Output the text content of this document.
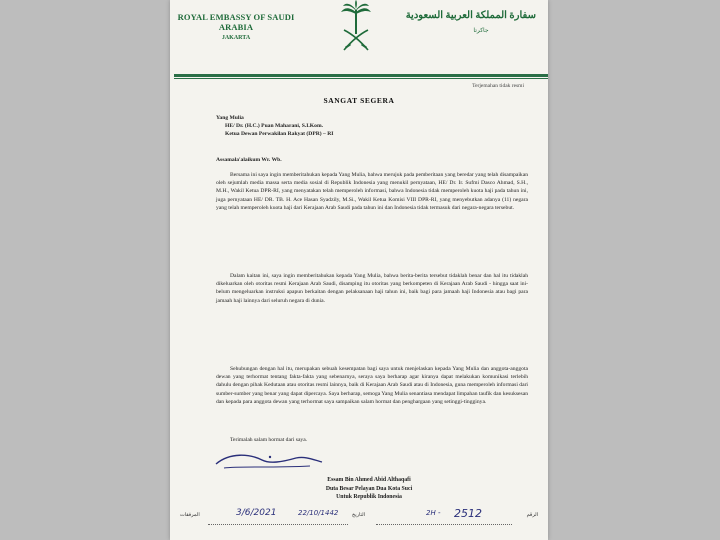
ROYAL EMBASSY OF SAUDI ARABIA
JAKARTA
سفارة المملكة العربية السعودية
جاكرتا
Terjemahan tidak resmi
SANGAT SEGERA
Yang Mulia
HE/ Dr. (H.C.) Puan Maharani, S.I.Kom.
Ketua Dewan Perwakilan Rakyat (DPR) – RI
Assamala'alaikum Wr. Wb.
Bersama ini saya ingin memberitahukan kepada Yang Mulia, bahwa merujuk pada pemberitaan yang beredar yang telah disampaikan oleh sejumlah media massa serta media sosial di Republik Indonesia yang menukil pernyataan, HE/ Dr. Ir. Sufmi Dasco Ahmad, S.H., M.H., Wakil Ketua DPR-RI, yang menyatakan telah memperoleh informasi, bahwa Indonesia tidak memperoleh kuota haji pada tahun ini, juga pernyataan HE/ DR. TB. H. Ace Hasan Syadzily, M.Si., Wakil Ketua Komisi VIII DPR-RI, yang menyebutkan adanya (11) negara yang telah memperoleh kuota haji dari Kerajaan Arab Saudi pada tahun ini dan Indonesia tidak termasuk dari negara-negara tersebut.
Dalam kaitan ini, saya ingin memberitahukan kepada Yang Mulia, bahwa berita-berita tersebut tidaklah benar dan hal itu tidaklah dikeluarkan oleh otoritas resmi Kerajaan Arab Saudi, disamping itu otoritas yang berkompeten di Kerajaan Arab Saudi - hingga saat ini- belum mengeluarkan instruksi apapun berkaitan dengan pelaksanaan haji tahun ini, baik bagi para jamaah haji Indonesia atau bagi para jamaah haji lainnya dari seluruh negara di dunia.
Sehubungan dengan hal itu, merupakan sebuah kesempatan bagi saya untuk menjelaskan kepada Yang Mulia dan anggota-anggota dewan yang terhormat tentang fakta-fakta yang sebenarnya, seraya saya berharap agar kiranya dapat melakukan komunikasi terlebih dahulu dengan pihak Kedutaan atau otoritas resmi lainnya, baik di Kerajaan Arab Saudi atau di Indonesia, guna memperoleh informasi dari sumber-sumber yang benar yang dapat dipercaya. Saya berharap, semoga Yang Mulia senantiasa mendapat limpahan taufik dan kesuksesan dan kepada para anggota dewan yang terhormat saya sampaikan salam hormat dan penghargaan yang setinggi-tingginya.
Terimalah salam hormat dari saya.
Essam Bin Ahmed Abid Althaqafi
Duta Besar Pelayan Dua Kota Suci
Untuk Republik Indonesia
المرفقات	3/6/2021	22/10/1442	التاريخ	2H - 2512	الرقم
